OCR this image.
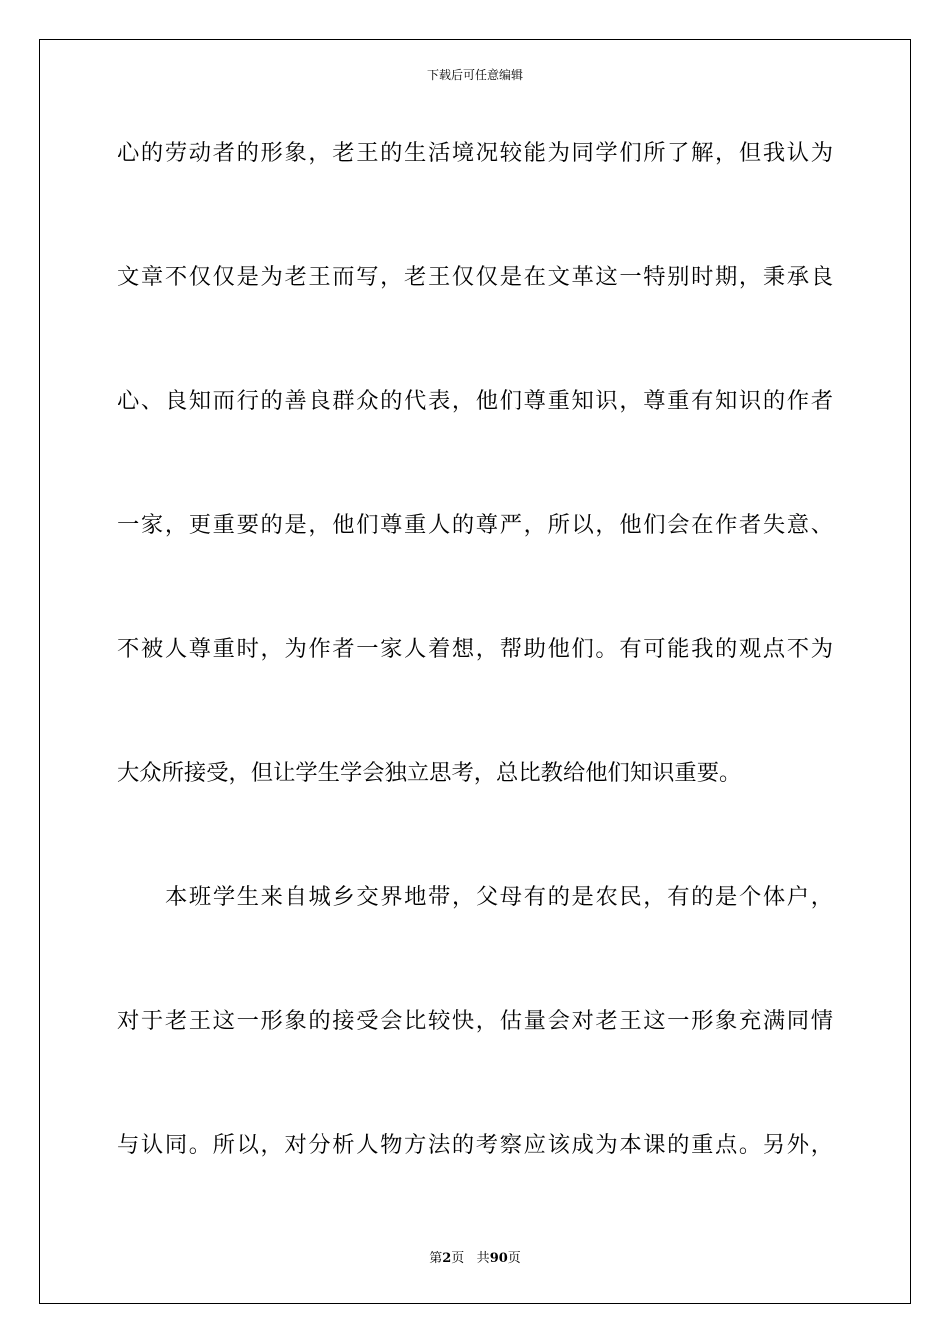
下载后可任意编辑
心的劳动者的形象，老王的生活境况较能为同学们所了解，但我认为
文章不仅仅是为老王而写，老王仅仅是在文革这一特别时期，秉承良
心、良知而行的善良群众的代表，他们尊重知识，尊重有知识的作者
一家，更重要的是，他们尊重人的尊严，所以，他们会在作者失意、
不被人尊重时，为作者一家人着想，帮助他们。有可能我的观点不为
大众所接受，但让学生学会独立思考，总比教给他们知识重要。
本班学生来自城乡交界地带，父母有的是农民，有的是个体户，
对于老王这一形象的接受会比较快，估量会对老王这一形象充满同情
与认同。所以，对分析人物方法的考察应该成为本课的重点。另外，
第2页 共90页
